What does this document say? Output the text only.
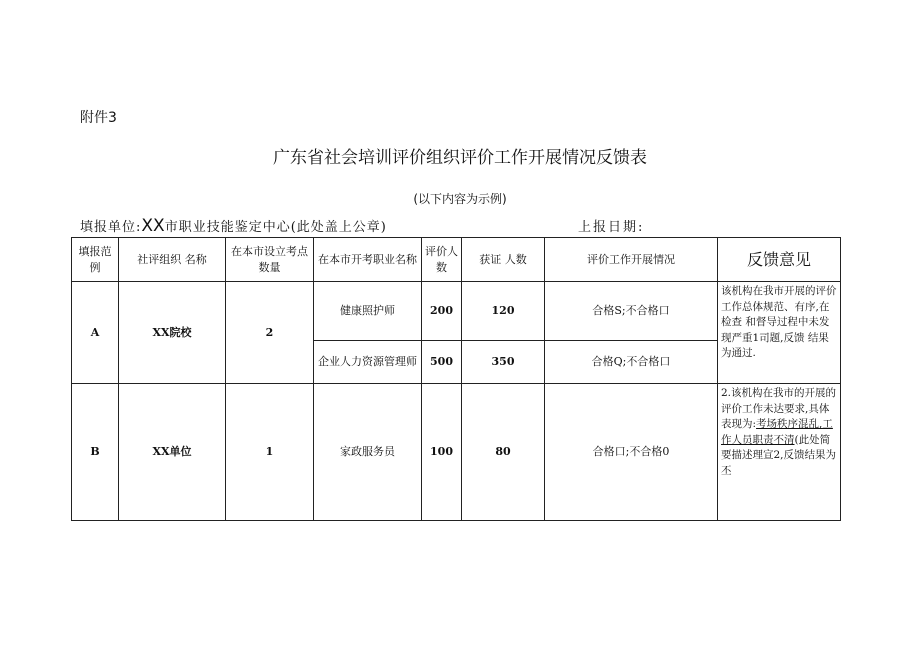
附件3
广东省社会培训评价组织评价工作开展情况反馈表
(以下内容为示例)
填报单位:XX市职业技能鉴定中心(此处盖上公章)	上报日期:
填报范例	社评组织 名称	在本市设立考点数量	在本市开考职业名称	评价人数	获证 人数	评价工作开展情况	反馈意见
A	XX院校	2	健康照护师	200	120	合格S;不合格口	该机构在我市开展的评价工作总体规范、有序,在检查 和督导过程中未发 现严重1司题,反馈 结果为通过.
			企业人力资源管理师	500	350	合格Q;不合格口	
B	XX单位	1	家政服务员	100	80	合格口;不合格0	2.该机构在我市的开展的评价工作未达要求,具体表现为:考场秩序混乱,工作人员职责不清(此处简要描述理宣2,反馈结果为丕
